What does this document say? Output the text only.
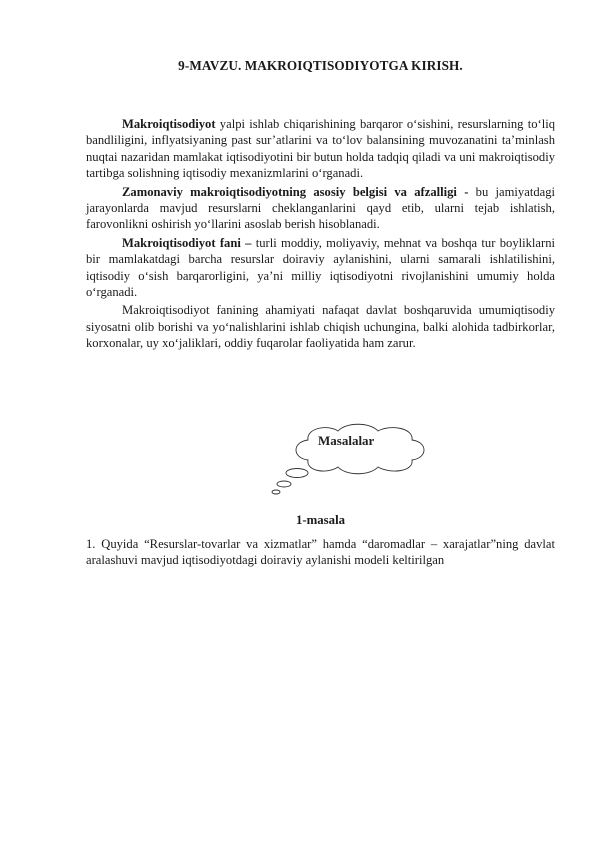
9-MAVZU. MAKROIQTISODIYOTGA KIRISH.

Makroiqtisodiyot yalpi ishlab chiqarishining barqaror o‘sishini, resurslarning to‘liq bandliligini, inflyatsiyaning past sur’atlarini va to‘lov balansining muvozanatini ta’minlash nuqtai nazaridan mamlakat iqtisodiyotini bir butun holda tadqiq qiladi va uni makroiqtisodiy tartibga solishning iqtisodiy mexanizmlarini o‘rganadi.

Zamonaviy makroiqtisodiyotning asosiy belgisi va afzalligi - bu jamiyatdagi jarayonlarda mavjud resurslarni cheklanganlarini qayd etib, ularni tejab ishlatish, farovonlikni oshirish yo‘llarini asoslab berish hisoblanadi.

Makroiqtisodiyot fani – turli moddiy, moliyaviy, mehnat va boshqa tur boyliklarni bir mamlakatdagi barcha resurslar doiraviy aylanishini, ularni samarali ishlatilishini, iqtisodiy o‘sish barqarorligini, ya’ni milliy iqtisodiyotni rivojlanishini umumiy holda o‘rganadi.

Makroiqtisodiyot fanining ahamiyati nafaqat davlat boshqaruvida umumiqtisodiy siyosatni olib borishi va yo‘nalishlarini ishlab chiqish uchungina, balki alohida tadbirkorlar, korxonalar, uy xo‘jaliklari, oddiy fuqarolar faoliyatida ham zarur.

Masalalar
1-masala

1. Quyida “Resurslar-tovarlar va xizmatlar” hamda “daromadlar – xarajatlar”ning davlat aralashuvi mavjud iqtisodiyotdagi doiraviy aylanishi modeli keltirilgan
